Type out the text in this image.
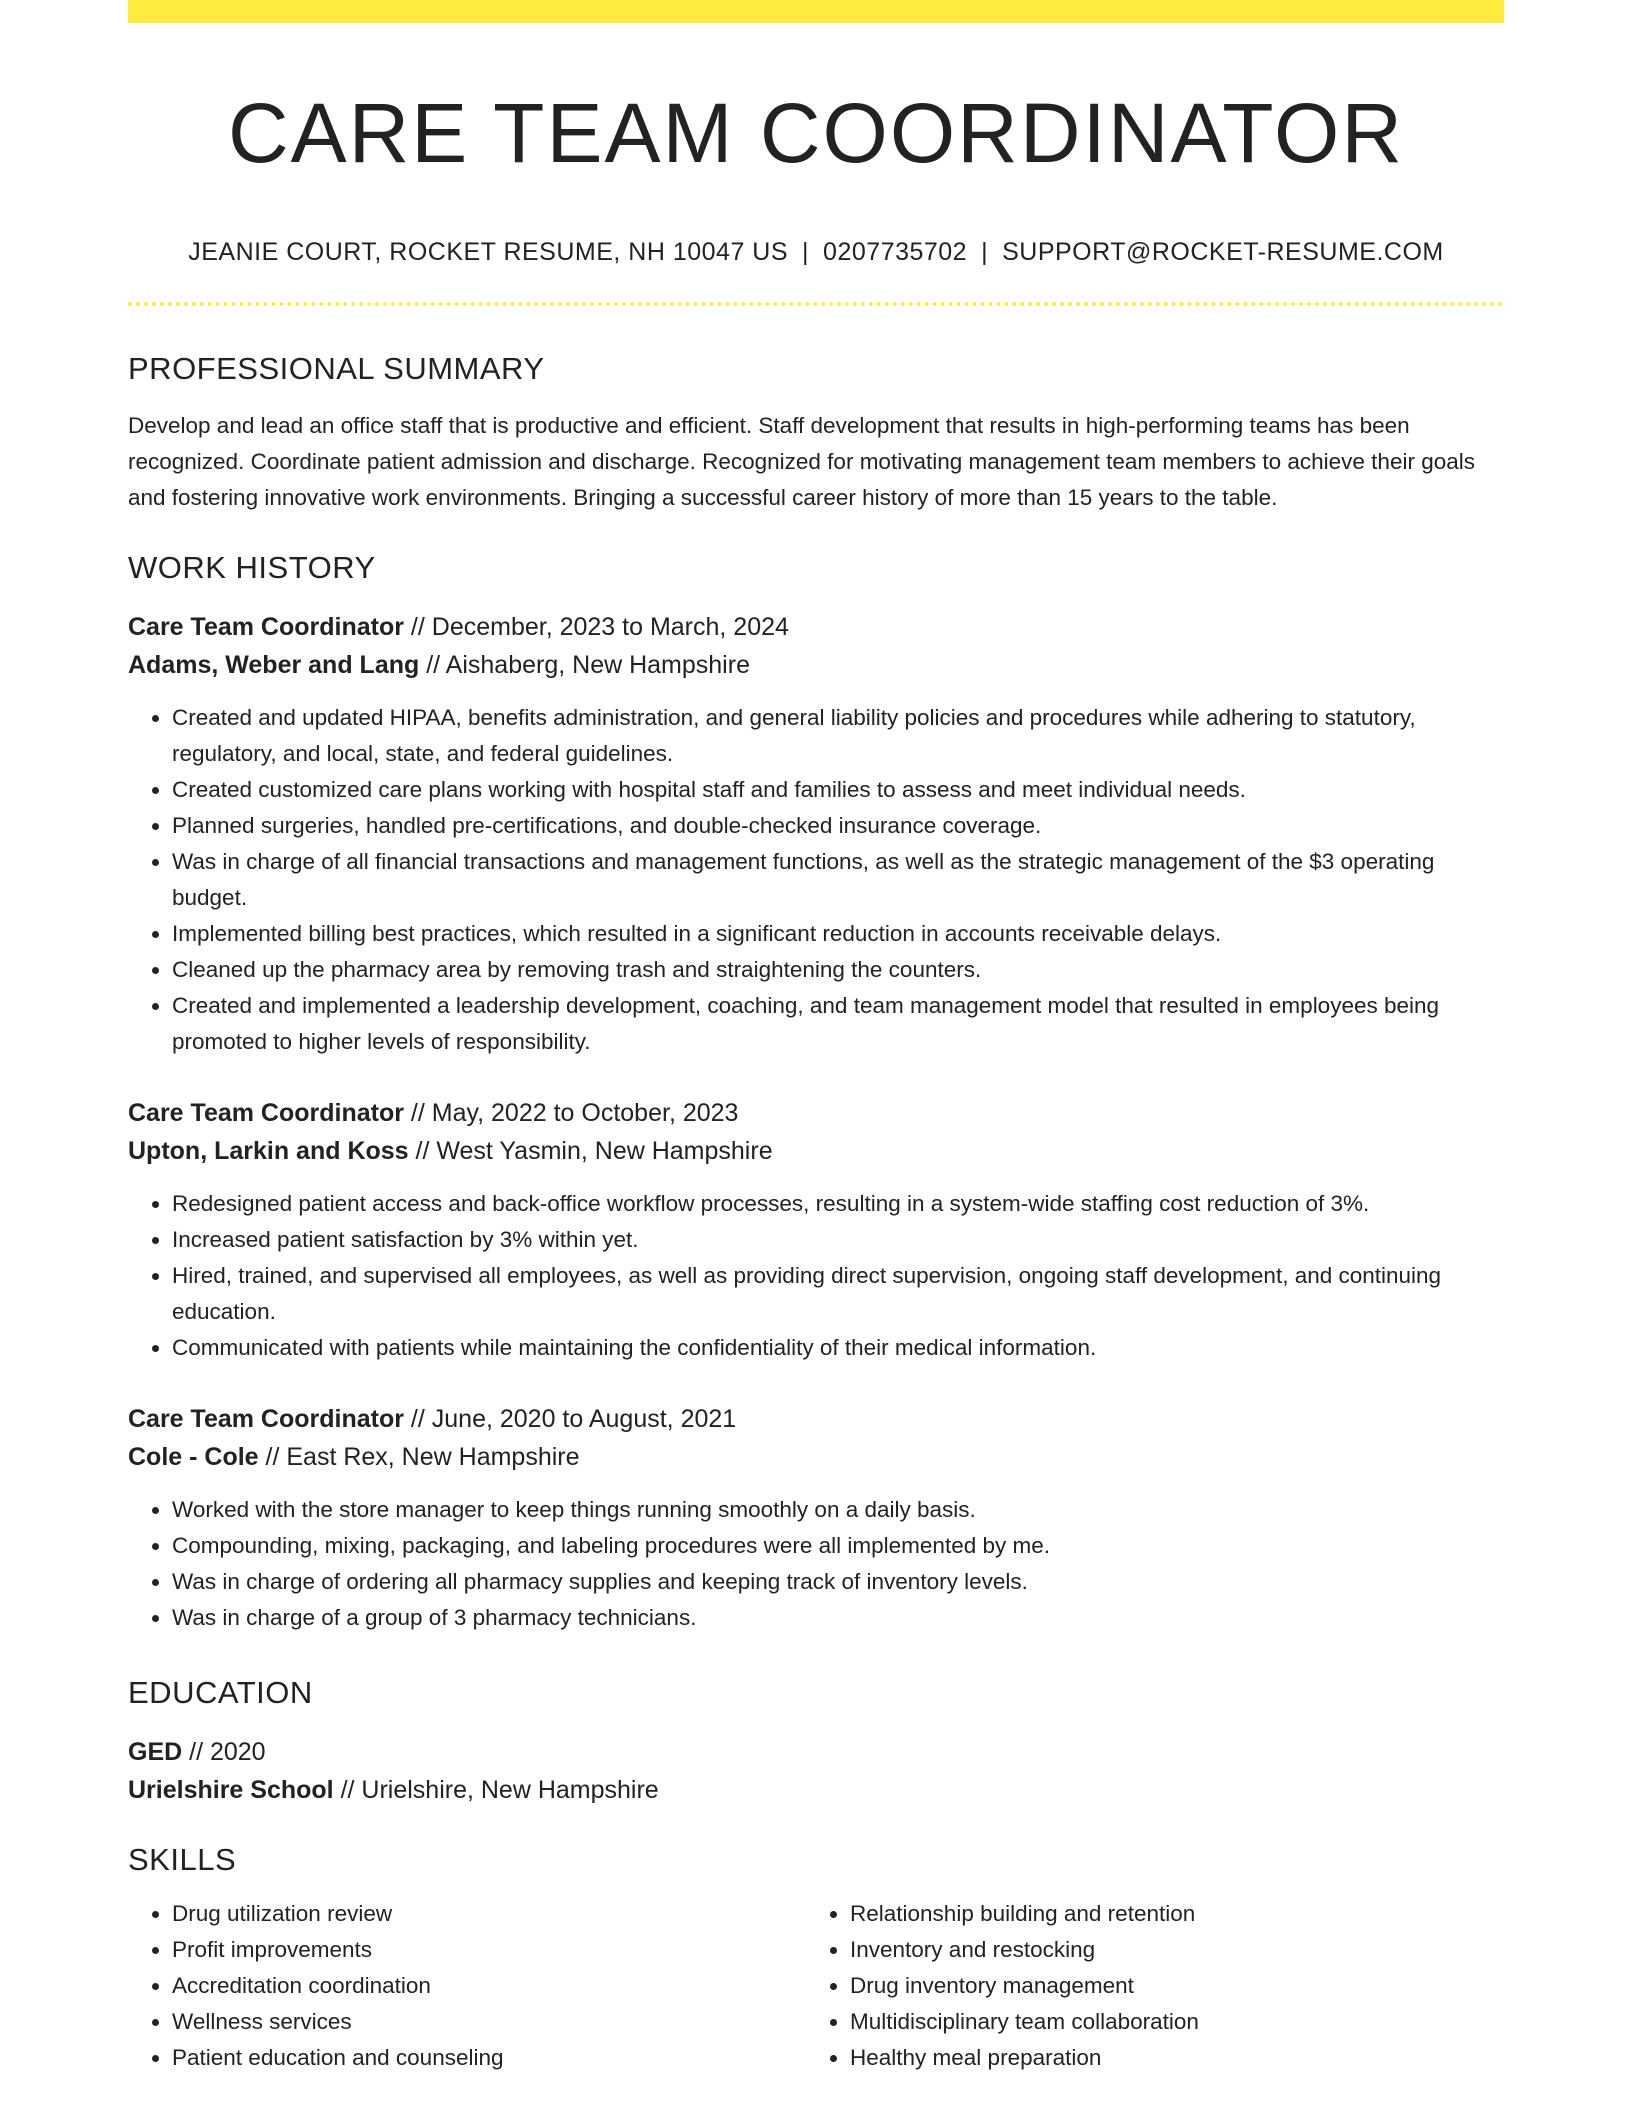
CARE TEAM COORDINATOR
JEANIE COURT, ROCKET RESUME, NH 10047 US | 0207735702 | SUPPORT@ROCKET-RESUME.COM
PROFESSIONAL SUMMARY

Develop and lead an office staff that is productive and efficient. Staff development that results in high-performing teams has been recognized. Coordinate patient admission and discharge. Recognized for motivating management team members to achieve their goals and fostering innovative work environments. Bringing a successful career history of more than 15 years to the table.

WORK HISTORY
Care Team Coordinator // December, 2023 to March, 2024
Adams, Weber and Lang // Aishaberg, New Hampshire
• Created and updated HIPAA, benefits administration, and general liability policies and procedures while adhering to statutory, regulatory, and local, state, and federal guidelines.
• Created customized care plans working with hospital staff and families to assess and meet individual needs.
• Planned surgeries, handled pre-certifications, and double-checked insurance coverage.
• Was in charge of all financial transactions and management functions, as well as the strategic management of the $3 operating budget.
• Implemented billing best practices, which resulted in a significant reduction in accounts receivable delays.
• Cleaned up the pharmacy area by removing trash and straightening the counters.
• Created and implemented a leadership development, coaching, and team management model that resulted in employees being promoted to higher levels of responsibility.
Care Team Coordinator // May, 2022 to October, 2023
Upton, Larkin and Koss // West Yasmin, New Hampshire
• Redesigned patient access and back-office workflow processes, resulting in a system-wide staffing cost reduction of 3%.
• Increased patient satisfaction by 3% within yet.
• Hired, trained, and supervised all employees, as well as providing direct supervision, ongoing staff development, and continuing education.
• Communicated with patients while maintaining the confidentiality of their medical information.
Care Team Coordinator // June, 2020 to August, 2021
Cole - Cole // East Rex, New Hampshire
• Worked with the store manager to keep things running smoothly on a daily basis.
• Compounding, mixing, packaging, and labeling procedures were all implemented by me.
• Was in charge of ordering all pharmacy supplies and keeping track of inventory levels.
• Was in charge of a group of 3 pharmacy technicians.
EDUCATION
GED // 2020
Urielshire School // Urielshire, New Hampshire
SKILLS
• Drug utilization review
• Profit improvements
• Accreditation coordination
• Wellness services
• Patient education and counseling
• Relationship building and retention
• Inventory and restocking
• Drug inventory management
• Multidisciplinary team collaboration
• Healthy meal preparation
